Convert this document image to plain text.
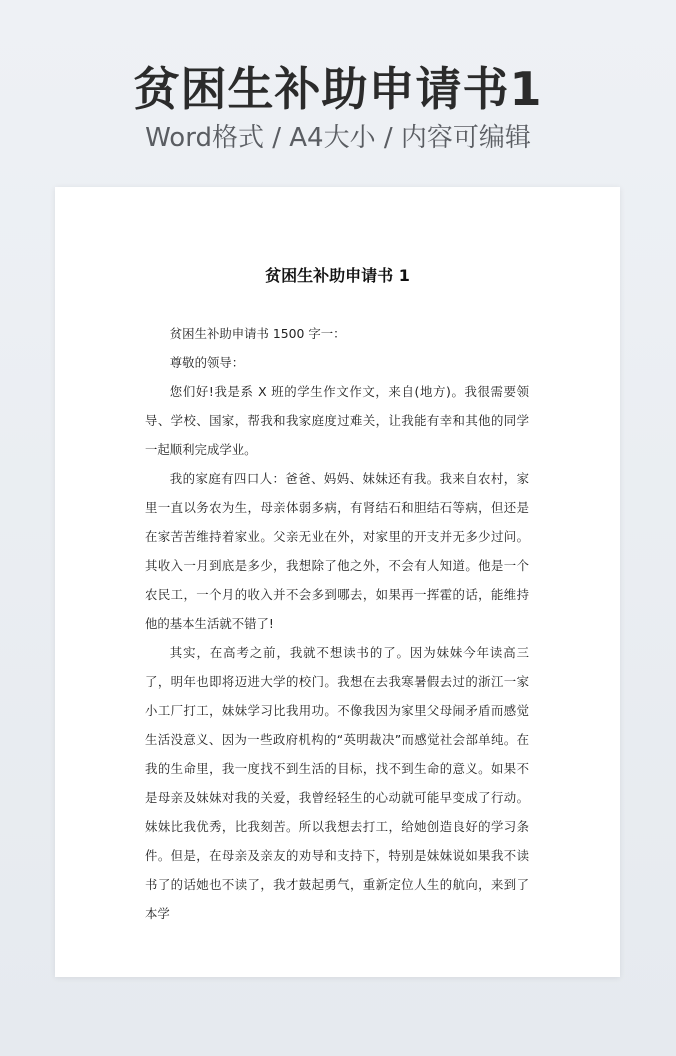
贫困生补助申请书1
Word格式 / A4大小 / 内容可编辑
贫困生补助申请书 1

贫困生补助申请书 1500 字一：

尊敬的领导：

您们好!我是系 X 班的学生作文作文，来自(地方)。我很需要领导、学校、国家，帮我和我家庭度过难关，让我能有幸和其他的同学一起顺利完成学业。

我的家庭有四口人：爸爸、妈妈、妹妹还有我。我来自农村，家里一直以务农为生，母亲体弱多病，有肾结石和胆结石等病，但还是在家苦苦维持着家业。父亲无业在外，对家里的开支并无多少过问。其收入一月到底是多少，我想除了他之外，不会有人知道。他是一个农民工，一个月的收入并不会多到哪去，如果再一挥霍的话，能维持他的基本生活就不错了!

其实，在高考之前，我就不想读书的了。因为妹妹今年读高三了，明年也即将迈进大学的校门。我想在去我寒暑假去过的浙江一家小工厂打工，妹妹学习比我用功。不像我因为家里父母闹矛盾而感觉生活没意义、因为一些政府机构的“英明裁决”而感觉社会部单纯。在我的生命里，我一度找不到生活的目标，找不到生命的意义。如果不是母亲及妹妹对我的关爱，我曾经轻生的心动就可能早变成了行动。妹妹比我优秀，比我刻苦。所以我想去打工，给她创造良好的学习条件。但是，在母亲及亲友的劝导和支持下，特别是妹妹说如果我不读书了的话她也不读了，我才鼓起勇气，重新定位人生的航向，来到了本学
